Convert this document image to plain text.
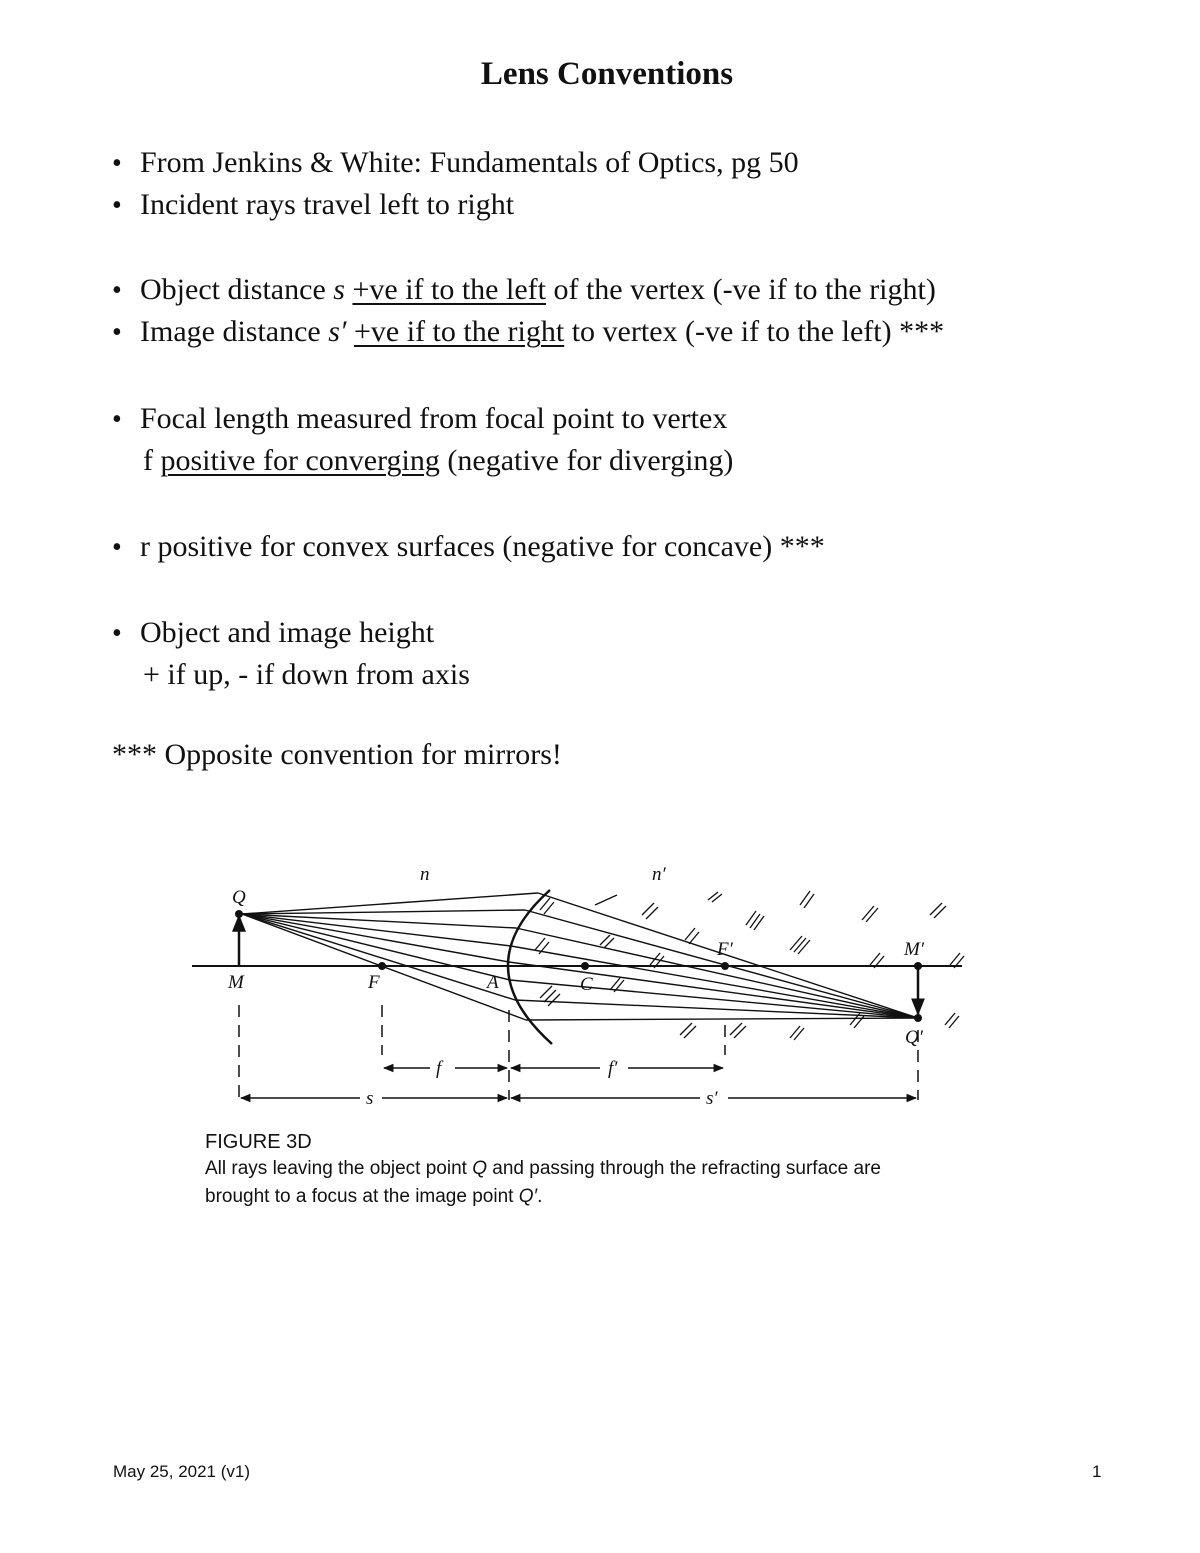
Lens Conventions
• From Jenkins & White: Fundamentals of Optics, pg 50
• Incident rays travel left to right
• Object distance s +ve if to the left of the vertex (-ve if to the right)
• Image distance s′ +ve if to the right to vertex (-ve if to the left) ***
• Focal length measured from focal point to vertex
f positive for converging (negative for diverging)
• r positive for convex surfaces (negative for concave) ***
• Object and image height
+ if up, - if down from axis
*** Opposite convention for mirrors!
n	n′
Q
M	F	A	C
F′	M′
Q′
f	f′
s	s′
FIGURE 3D
All rays leaving the object point Q and passing through the refracting surface are
brought to a focus at the image point Q′.
May 25, 2021 (v1)	1
